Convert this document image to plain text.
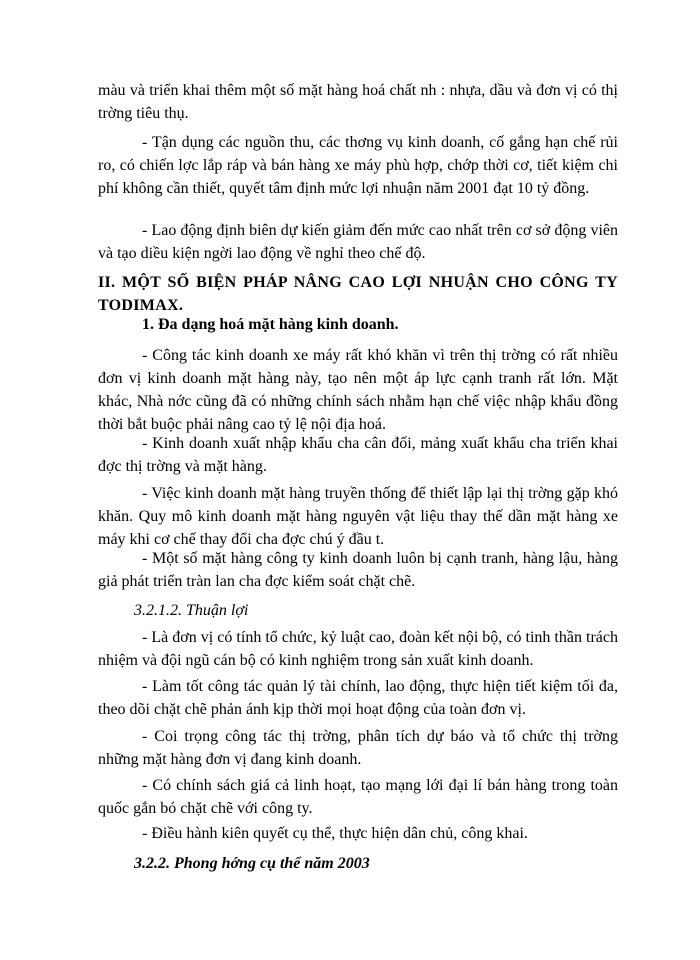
màu và triển khai thêm một số mặt hàng hoá chất nh : nhựa, dầu và đơn vị có thị trờng tiêu thụ.

- Tận dụng các nguồn thu, các thơng vụ kinh doanh, cố gắng hạn chế rủi ro, có chiến lợc lắp ráp và bán hàng xe máy phù hợp, chớp thời cơ, tiết kiệm chi phí không cần thiết, quyết tâm định mức lợi nhuận năm 2001 đạt 10 tỷ đồng.

- Lao động định biên dự kiến giảm đến mức cao nhất trên cơ sở động viên và tạo diều kiện ngời lao động về nghỉ theo chế độ.

II. MỘT SỐ BIỆN PHÁP NÂNG CAO LỢI NHUẬN CHO CÔNG TY TODIMAX.

1. Đa dạng hoá mặt hàng kinh doanh.

- Công tác kinh doanh xe máy rất khó khăn vì trên thị trờng có rất nhiều đơn vị kinh doanh mặt hàng này, tạo nên một áp lực cạnh tranh rất lớn. Mặt khác, Nhà nớc cũng đã có những chính sách nhằm hạn chế việc nhập khẩu đồng thời bắt buộc phải nâng cao tỷ lệ nội địa hoá.

- Kinh doanh xuất nhập khẩu cha cân đối, mảng xuất khẩu cha triển khai đợc thị trờng và mặt hàng.

- Việc kinh doanh mặt hàng truyền thống để thiết lập lại thị trờng gặp khó khăn. Quy mô kinh doanh mặt hàng nguyên vật liệu thay thế dần mặt hàng xe máy khi cơ chế thay đổi cha đợc chú ý đầu t.

- Một số mặt hàng công ty kinh doanh luôn bị cạnh tranh, hàng lậu, hàng giả phát triển tràn lan cha đợc kiểm soát chặt chẽ.

3.2.1.2. Thuận lợi

- Là đơn vị có tính tổ chức, kỷ luật cao, đoàn kết nội bộ, có tinh thần trách nhiệm và đội ngũ cán bộ có kinh nghiệm trong sản xuất kinh doanh.

- Làm tốt công tác quản lý tài chính, lao động, thực hiện tiết kiệm tối đa, theo dõi chặt chẽ phản ánh kịp thời mọi hoạt động của toàn đơn vị.

- Coi trọng công tác thị trờng, phân tích dự báo và tổ chức thị trờng những mặt hàng đơn vị đang kinh doanh.

- Có chính sách giá cả linh hoạt, tạo mạng lới đại lí bán hàng trong toàn quốc gắn bó chặt chẽ với công ty.

- Điều hành kiên quyết cụ thể, thực hiện dân chủ, công khai.

3.2.2. Phong hớng cụ thể năm 2003
